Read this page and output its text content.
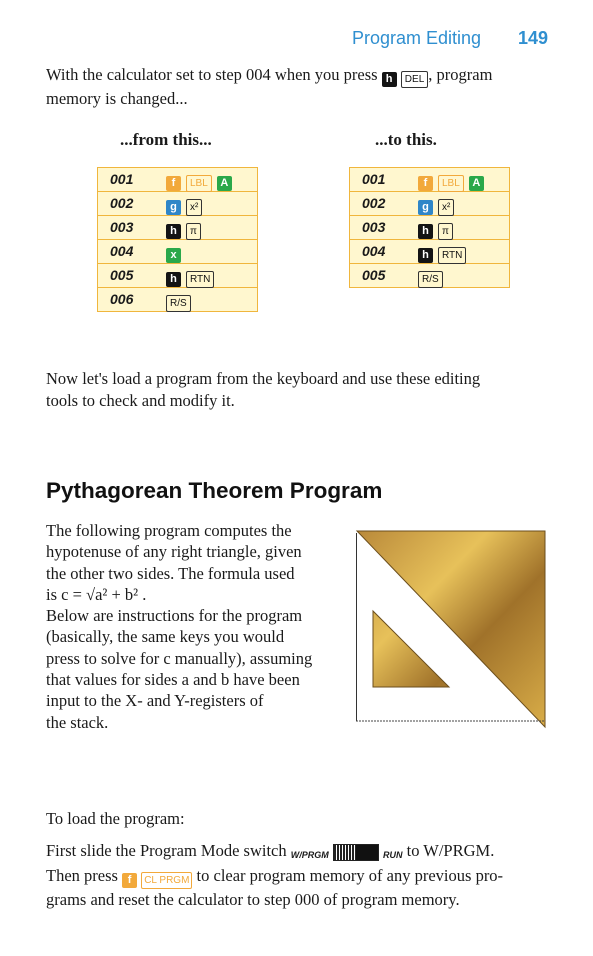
Program Editing 149
With the calculator set to step 004 when you press h DEL , program
memory is changed...
...from this...	...to this.
001	f LBL A
002	g x²
003	h π
004	x
005	h RTN
006	R/S
001	f LBL A
002	g x²
003	h π
004	h RTN
005	R/S
Now let's load a program from the keyboard and use these editing
tools to check and modify it.
Pythagorean Theorem Program
The following program computes the
hypotenuse of any right triangle, given
the other two sides. The formula used
is c = √a² + b² .
Below are instructions for the program
(basically, the same keys you would
press to solve for c manually), assuming
that values for sides a and b have been
input to the X- and Y-registers of
the stack.
To load the program:
First slide the Program Mode switch W/PRGM	RUN to W/PRGM.
Then press f CL PRGM to clear program memory of any previous pro-
grams and reset the calculator to step 000 of program memory.
